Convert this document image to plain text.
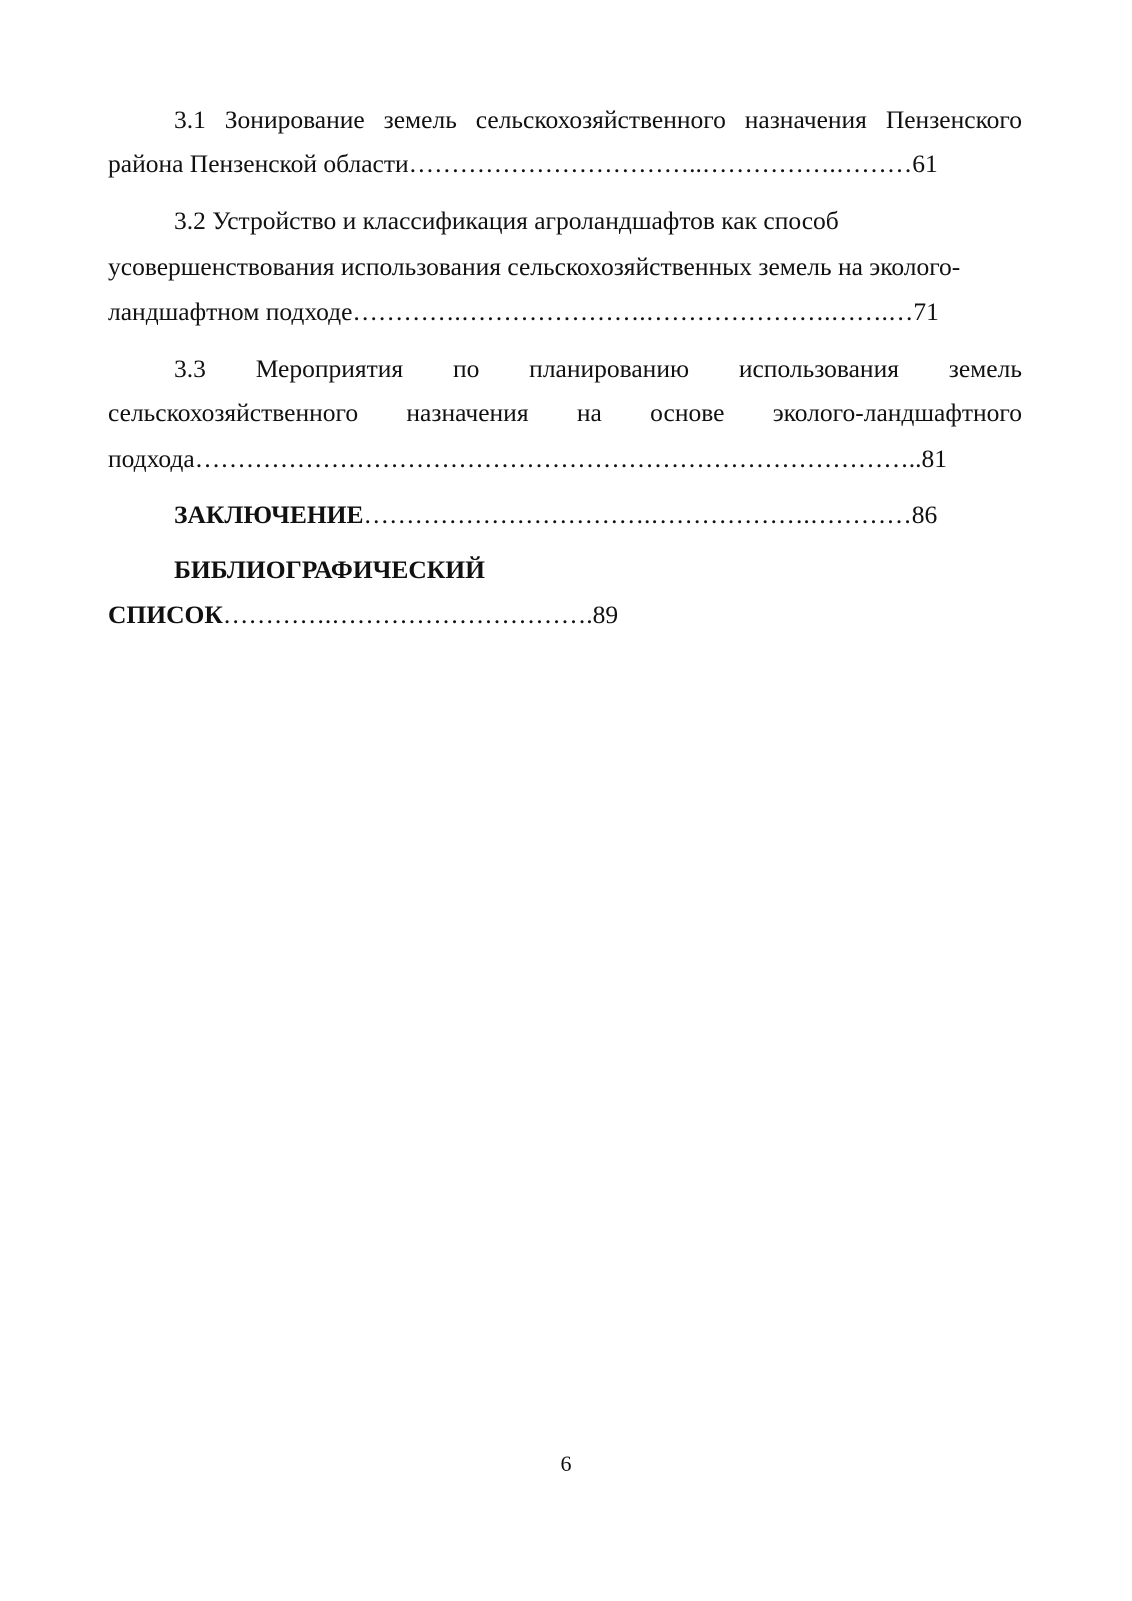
3.1 Зонирование земель сельскохозяйственного назначения Пензенского
района Пензенской области……………………………..…………….………61
3.2 Устройство и классификация агроландшафтов как способ
усовершенствования использования сельскохозяйственных земель на эколого-
ландшафтном подходе………….………………….………………….…….…71
3.3 Мероприятия по планированию использования земель
сельскохозяйственного назначения на основе эколого-ландшафтного
подхода…………………………………………………………………………..81
ЗАКЛЮЧЕНИЕ…………………………….……………….…………86
БИБЛИОГРАФИЧЕСКИЙ
СПИСОК………….………………………….89
6
